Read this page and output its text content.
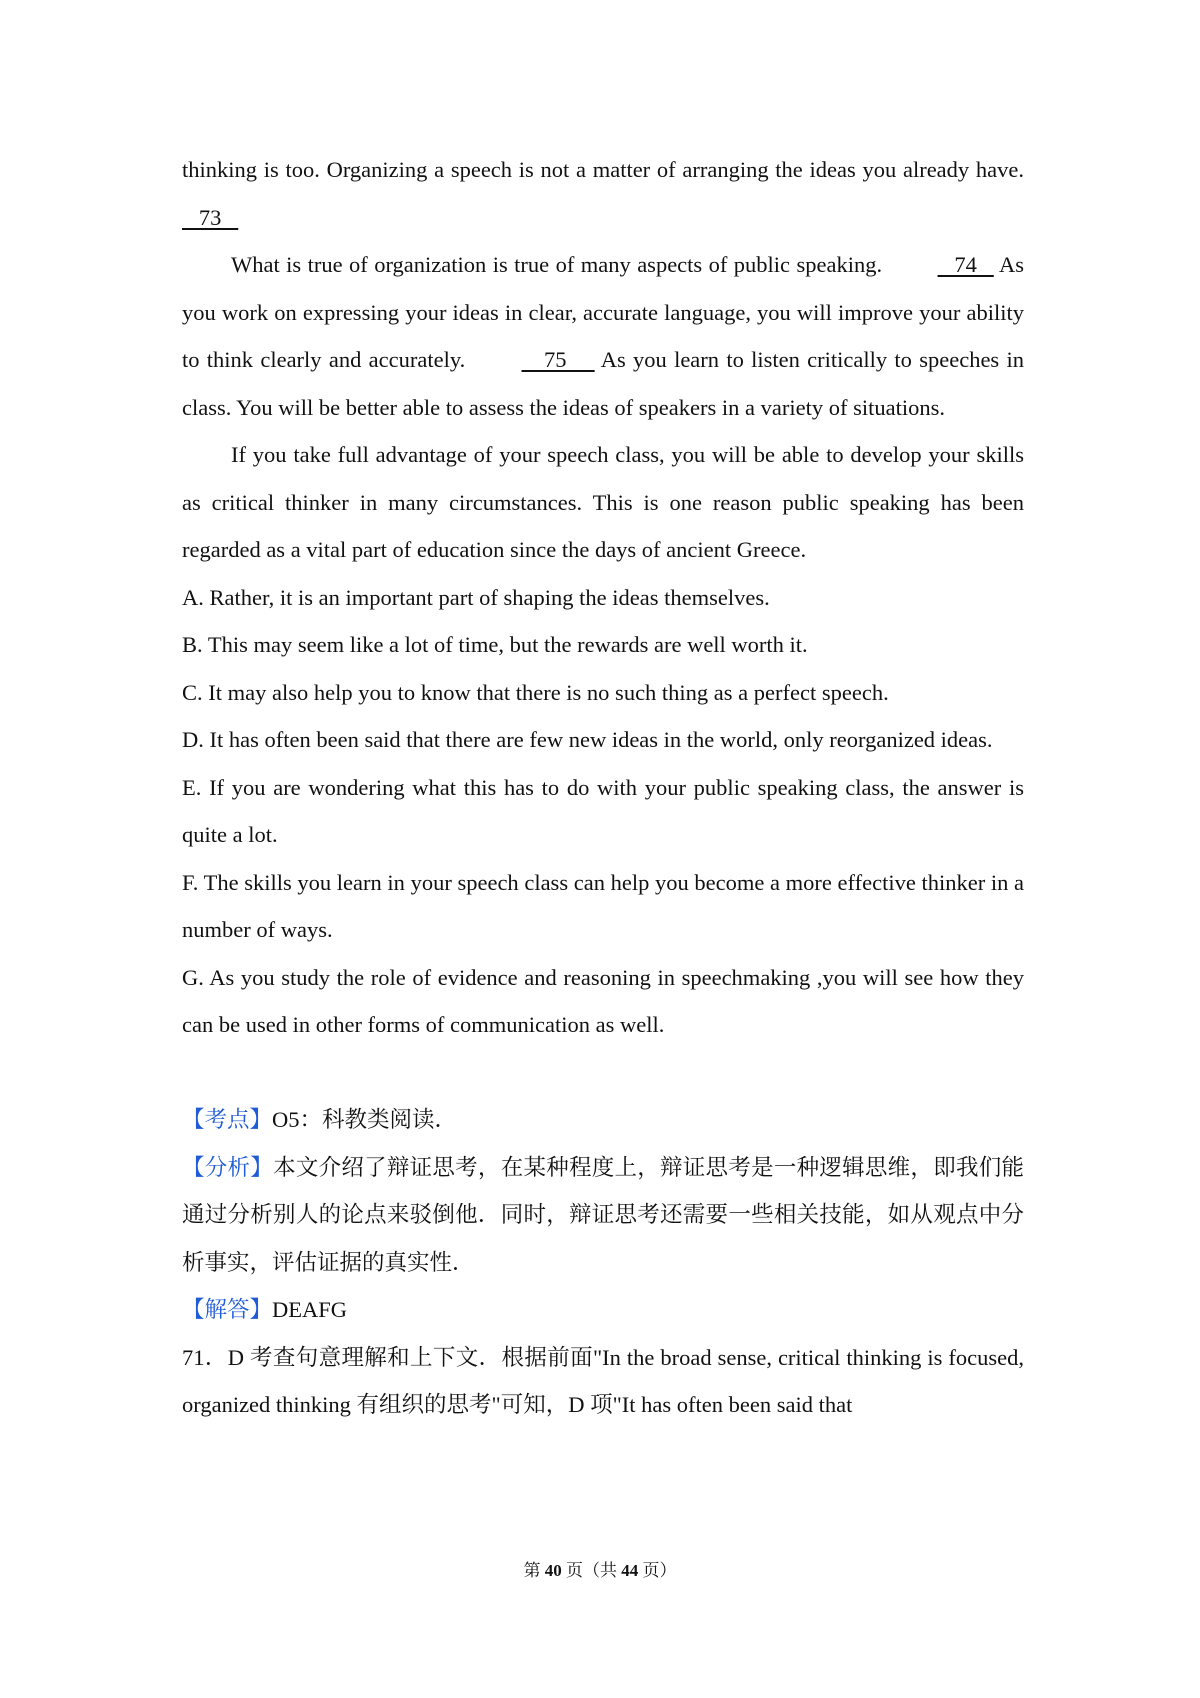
thinking is too. Organizing a speech is not a matter of arranging the ideas you already have.    73

What is true of organization is true of many aspects of public speaking.    74    As you work on expressing your ideas in clear, accurate language, you will improve your ability to think clearly and accurately.     75      As you learn to listen critically to speeches in class. You will be better able to assess the ideas of speakers in a variety of situations.

If you take full advantage of your speech class, you will be able to develop your skills as critical thinker in many circumstances. This is one reason public speaking has been regarded as a vital part of education since the days of ancient Greece.

A. Rather, it is an important part of shaping the ideas themselves.

B. This may seem like a lot of time, but the rewards are well worth it.

C. It may also help you to know that there is no such thing as a perfect speech.

D. It has often been said that there are few new ideas in the world, only reorganized ideas.

E. If you are wondering what this has to do with your public speaking class, the answer is quite a lot.

F. The skills you learn in your speech class can help you become a more effective thinker in a number of ways.

G. As you study the role of evidence and reasoning in speechmaking ,you will see how they can be used in other forms of communication as well.

【考点】O5：科教类阅读．

【分析】本文介绍了辩证思考，在某种程度上，辩证思考是一种逻辑思维，即我们能通过分析别人的论点来驳倒他．同时，辩证思考还需要一些相关技能，如从观点中分析事实，评估证据的真实性．

【解答】DEAFG

71．D 考查句意理解和上下文．根据前面"In the broad sense, critical thinking is focused, organized thinking 有组织的思考"可知，D 项"It has often been said that

第 40 页（共 44 页）
